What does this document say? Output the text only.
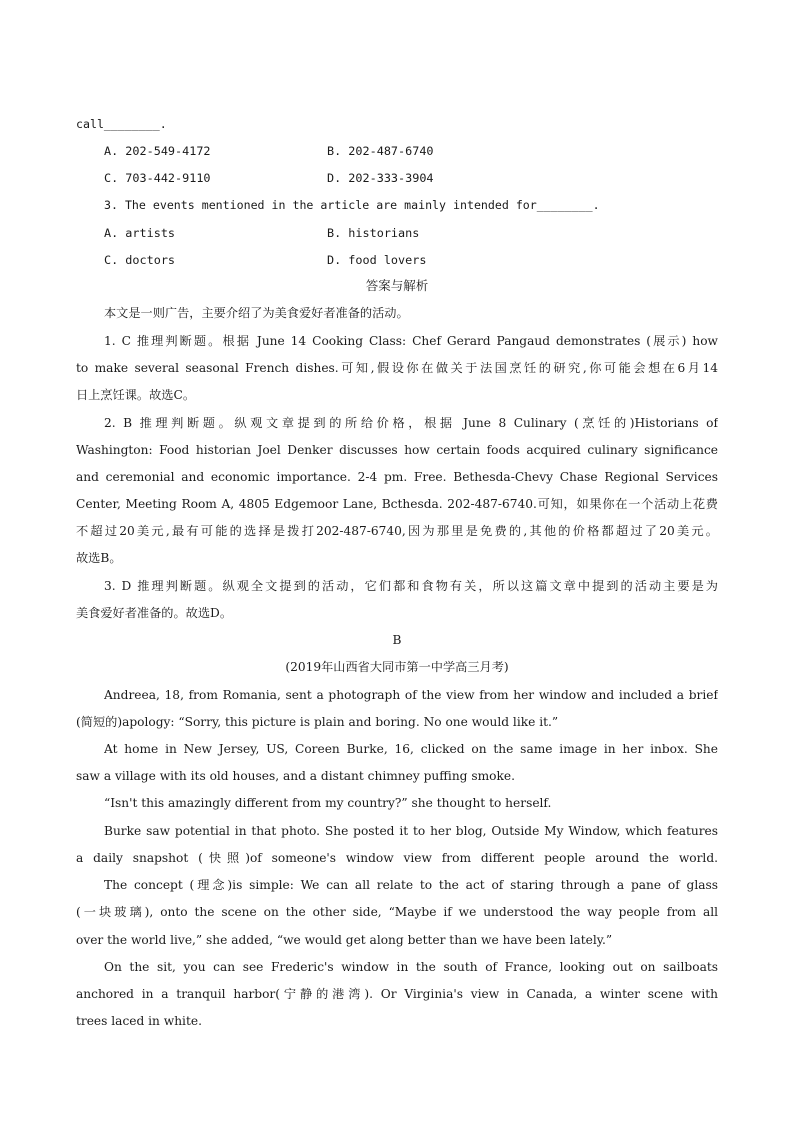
call________.
A. 202-549-4172	B. 202-487-6740
C. 703-442-9110	D. 202-333-3904
3. The events mentioned in the article are mainly intended for________.
A. artists	B. historians
C. doctors	D. food lovers
答案与解析
本文是一则广告，主要介绍了为美食爱好者准备的活动。
1. C 推理判断题。根据 June 14 Cooking Class: Chef Gerard Pangaud demonstrates (展示) how
to make several seasonal French dishes.可知,假设你在做关于法国烹饪的研究,你可能会想在6月14
日上烹饪课。故选C。
2. B 推理判断题。纵观文章提到的所给价格，根据 June 8 Culinary (烹饪的)Historians of
Washington: Food historian Joel Denker discusses how certain foods acquired culinary significance
and ceremonial and economic importance. 2-4 pm. Free. Bethesda-Chevy Chase Regional Services
Center, Meeting Room A, 4805 Edgemoor Lane, Bcthesda. 202-487-6740.可知，如果你在一个活动上花费
不超过20美元,最有可能的选择是拨打202-487-6740,因为那里是免费的,其他的价格都超过了20美元。
故选B。
3. D 推理判断题。纵观全文提到的活动，它们都和食物有关，所以这篇文章中提到的活动主要是为
美食爱好者准备的。故选D。
B
(2019年山西省大同市第一中学高三月考)
Andreea, 18, from Romania, sent a photograph of the view from her window and included a brief
(简短的)apology: “Sorry, this picture is plain and boring. No one would like it.”
At home in New Jersey, US, Coreen Burke, 16, clicked on the same image in her inbox. She
saw a village with its old houses, and a distant chimney puffing smoke.
“Isn't this amazingly different from my country?” she thought to herself.
Burke saw potential in that photo. She posted it to her blog, Outside My Window, which features
a daily snapshot (快照)of someone's window view from different people around the world.
The concept (理念)is simple: We can all relate to the act of staring through a pane of glass
(一块玻璃), onto the scene on the other side, “Maybe if we understood the way people from all
over the world live,” she added, “we would get along better than we have been lately.”
On the sit, you can see Frederic's window in the south of France, looking out on sailboats
anchored in a tranquil harbor(宁静的港湾). Or Virginia's view in Canada, a winter scene with
trees laced in white.
